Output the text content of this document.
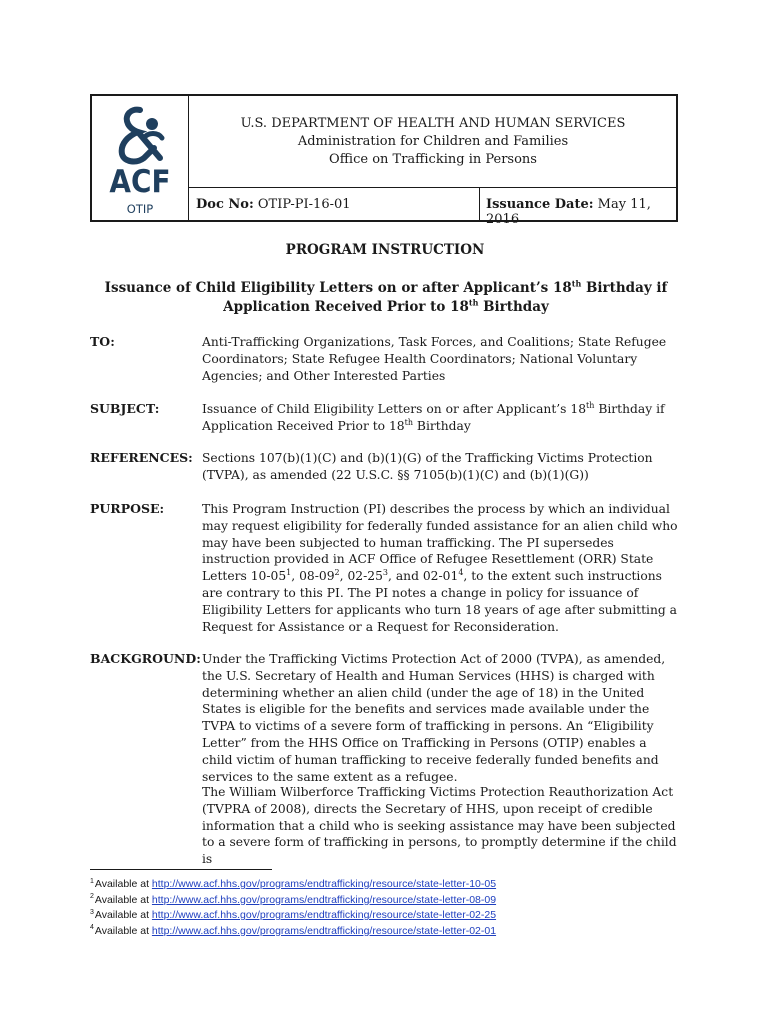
ACF
OTIP
U.S. DEPARTMENT OF HEALTH AND HUMAN SERVICES
Administration for Children and Families
Office on Trafficking in Persons
Doc No: OTIP-PI-16-01	Issuance Date: May 11, 2016
PROGRAM INSTRUCTION
Issuance of Child Eligibility Letters on or after Applicant’s 18th Birthday if
Application Received Prior to 18th Birthday
TO:	Anti-Trafficking Organizations, Task Forces, and Coalitions; State Refugee Coordinators; State Refugee Health Coordinators; National Voluntary Agencies; and Other Interested Parties
SUBJECT:	Issuance of Child Eligibility Letters on or after Applicant’s 18th Birthday if Application Received Prior to 18th Birthday
REFERENCES: Sections 107(b)(1)(C) and (b)(1)(G) of the Trafficking Victims Protection (TVPA), as amended (22 U.S.C. §§ 7105(b)(1)(C) and (b)(1)(G))
PURPOSE:	This Program Instruction (PI) describes the process by which an individual may request eligibility for federally funded assistance for an alien child who may have been subjected to human trafficking. The PI supersedes instruction provided in ACF Office of Refugee Resettlement (ORR) State Letters $10-05^1$, $08-09^2$, $02-25^3$, and $02-01^4$, to the extent such instructions are contrary to this PI. The PI notes a change in policy for issuance of Eligibility Letters for applicants who turn 18 years of age after submitting a Request for Assistance or a Request for Reconsideration.
BACKGROUND: Under the Trafficking Victims Protection Act of 2000 (TVPA), as amended, the U.S. Secretary of Health and Human Services (HHS) is charged with determining whether an alien child (under the age of 18) in the United States is eligible for the benefits and services made available under the TVPA to victims of a severe form of trafficking in persons. An “Eligibility Letter” from the HHS Office on Trafficking in Persons (OTIP) enables a child victim of human trafficking to receive federally funded benefits and services to the same extent as a refugee.
The William Wilberforce Trafficking Victims Protection Reauthorization Act (TVPRA of 2008), directs the Secretary of HHS, upon receipt of credible information that a child who is seeking assistance may have been subjected to a severe form of trafficking in persons, to promptly determine if the child is
$^1$Available at http://www.acf.hhs.gov/programs/endtrafficking/resource/state-letter-10-05
$^2$Available at http://www.acf.hhs.gov/programs/endtrafficking/resource/state-letter-08-09
$^3$Available at http://www.acf.hhs.gov/programs/endtrafficking/resource/state-letter-02-25
$^4$Available at http://www.acf.hhs.gov/programs/endtrafficking/resource/state-letter-02-01
